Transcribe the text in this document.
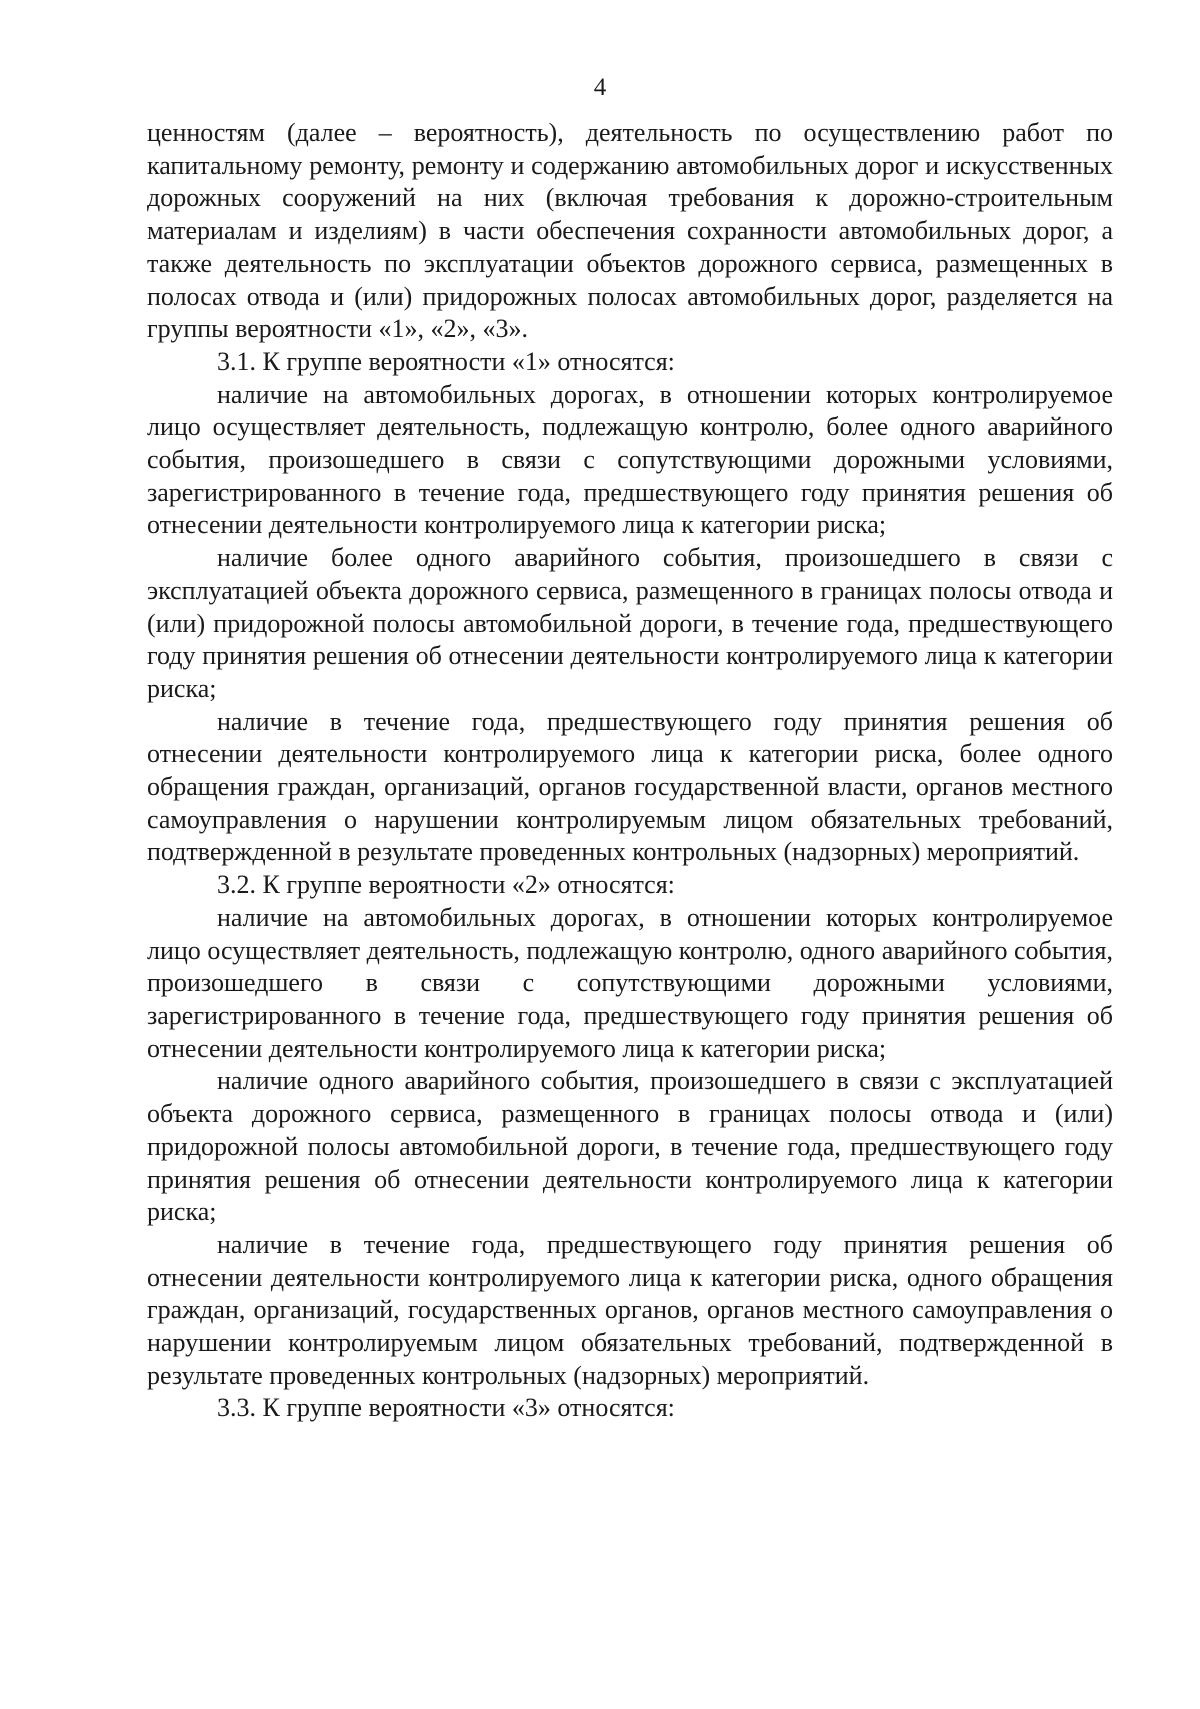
4

ценностям (далее – вероятность), деятельность по осуществлению работ по капитальному ремонту, ремонту и содержанию автомобильных дорог и искусственных дорожных сооружений на них (включая требования к дорожно-строительным материалам и изделиям) в части обеспечения сохранности автомобильных дорог, а также деятельность по эксплуатации объектов дорожного сервиса, размещенных в полосах отвода и (или) придорожных полосах автомобильных дорог, разделяется на группы вероятности «1», «2», «3».

3.1. К группе вероятности «1» относятся:

наличие на автомобильных дорогах, в отношении которых контролируемое лицо осуществляет деятельность, подлежащую контролю, более одного аварийного события, произошедшего в связи с сопутствующими дорожными условиями, зарегистрированного в течение года, предшествующего году принятия решения об отнесении деятельности контролируемого лица к категории риска;

наличие более одного аварийного события, произошедшего в связи с эксплуатацией объекта дорожного сервиса, размещенного в границах полосы отвода и (или) придорожной полосы автомобильной дороги, в течение года, предшествующего году принятия решения об отнесении деятельности контролируемого лица к категории риска;

наличие в течение года, предшествующего году принятия решения об отнесении деятельности контролируемого лица к категории риска, более одного обращения граждан, организаций, органов государственной власти, органов местного самоуправления о нарушении контролируемым лицом обязательных требований, подтвержденной в результате проведенных контрольных (надзорных) мероприятий.

3.2. К группе вероятности «2» относятся:

наличие на автомобильных дорогах, в отношении которых контролируемое лицо осуществляет деятельность, подлежащую контролю, одного аварийного события, произошедшего в связи с сопутствующими дорожными условиями, зарегистрированного в течение года, предшествующего году принятия решения об отнесении деятельности контролируемого лица к категории риска;

наличие одного аварийного события, произошедшего в связи с эксплуатацией объекта дорожного сервиса, размещенного в границах полосы отвода и (или) придорожной полосы автомобильной дороги, в течение года, предшествующего году принятия решения об отнесении деятельности контролируемого лица к категории риска;

наличие в течение года, предшествующего году принятия решения об отнесении деятельности контролируемого лица к категории риска, одного обращения граждан, организаций, государственных органов, органов местного самоуправления о нарушении контролируемым лицом обязательных требований, подтвержденной в результате проведенных контрольных (надзорных) мероприятий.

3.3. К группе вероятности «3» относятся:
